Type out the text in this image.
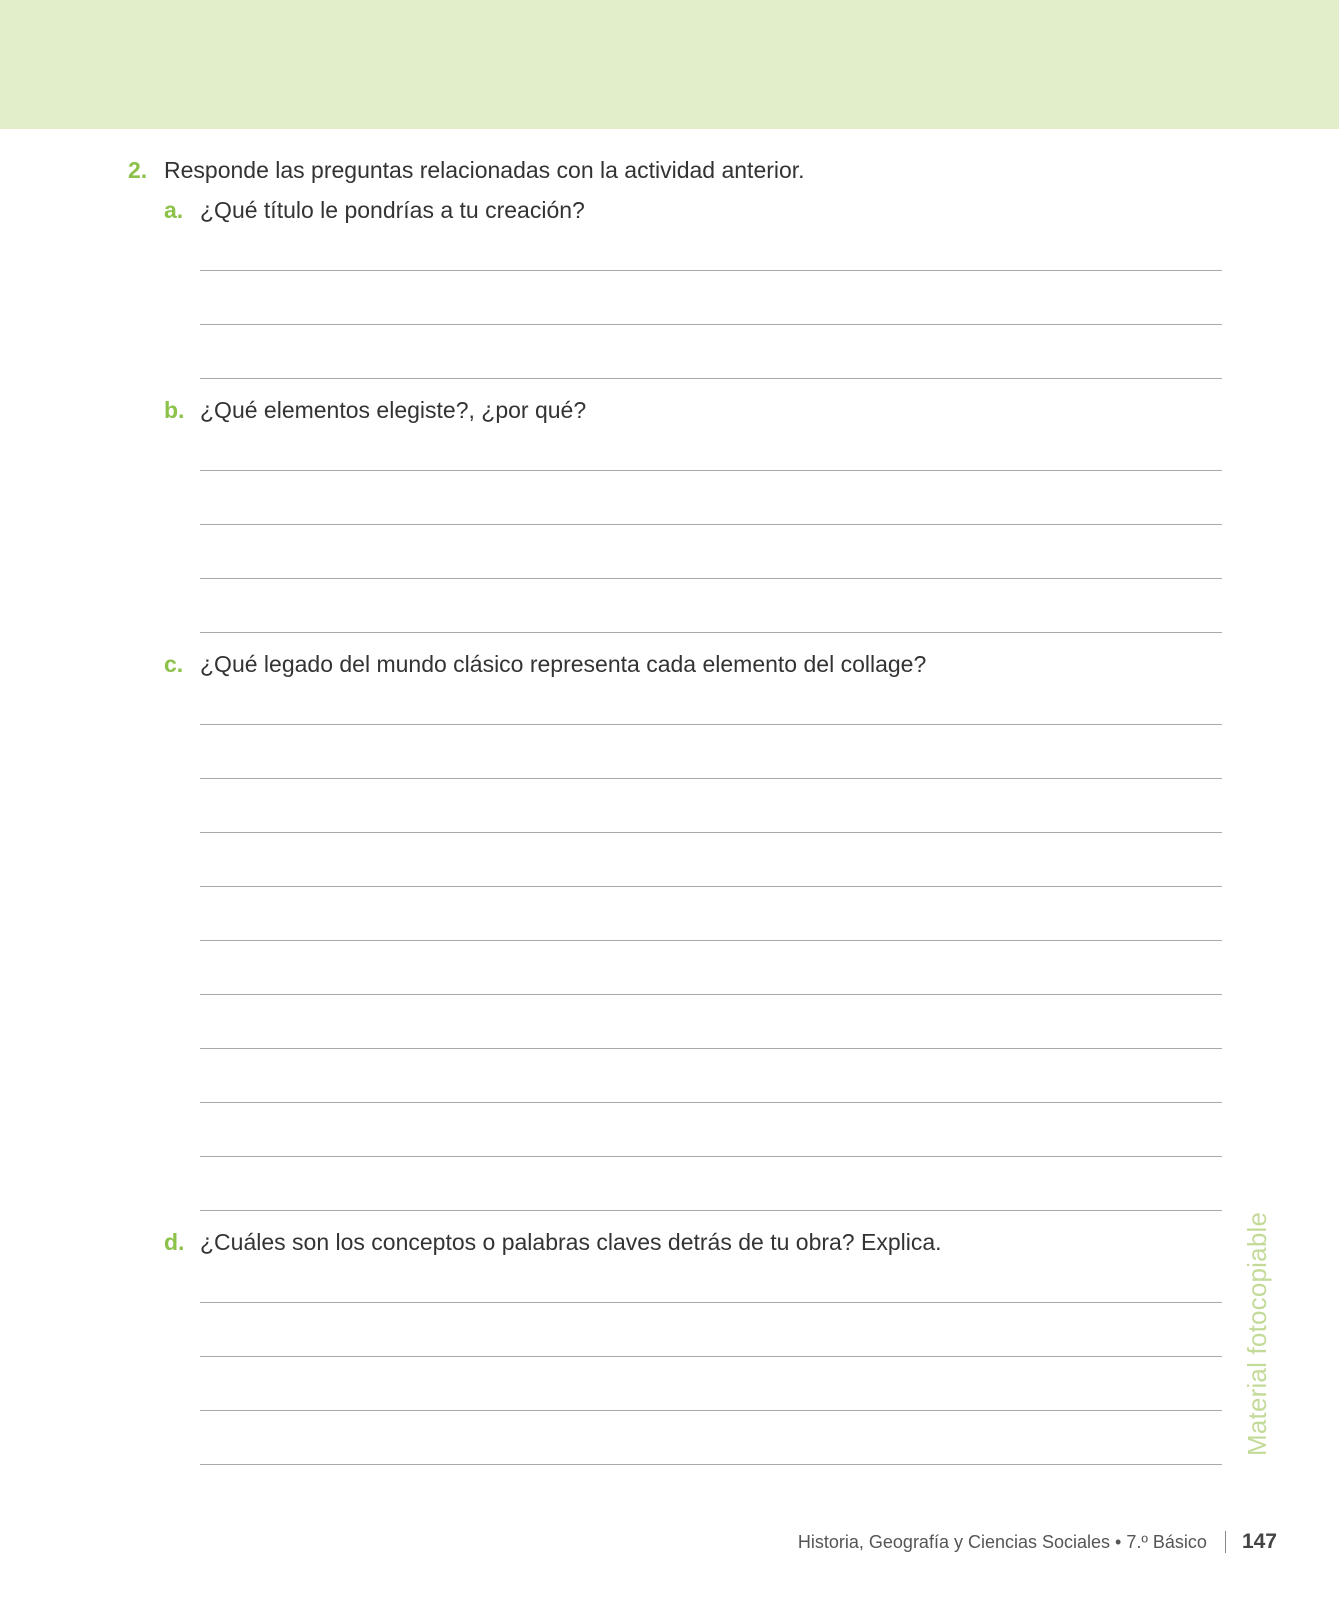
2. Responde las preguntas relacionadas con la actividad anterior.
a. ¿Qué título le pondrías a tu creación?
b. ¿Qué elementos elegiste?, ¿por qué?
c. ¿Qué legado del mundo clásico representa cada elemento del collage?
d. ¿Cuáles son los conceptos o palabras claves detrás de tu obra? Explica.	Material fotocopiable
Historia, Geografía y Ciencias Sociales • 7.º Básico 147
